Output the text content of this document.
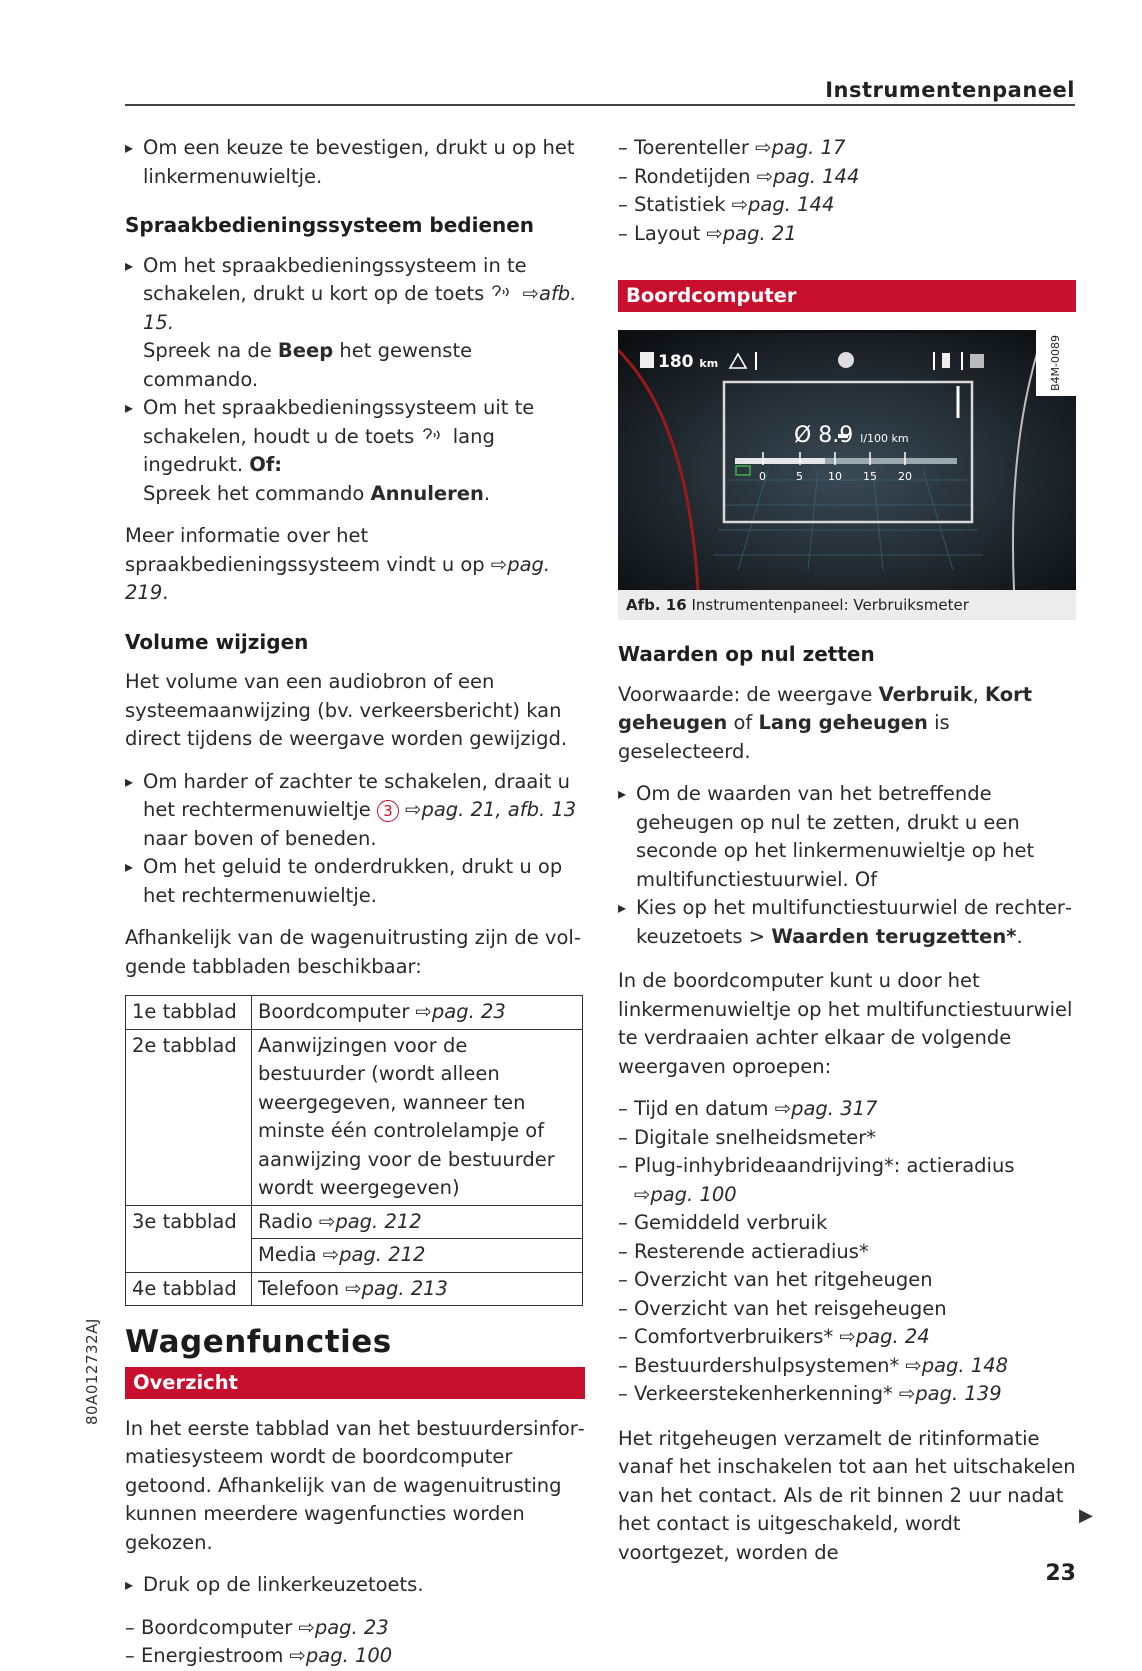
Instrumentenpaneel

▸ Om een keuze te bevestigen, drukt u op het linkermenuwieltje.

Spraakbedieningssysteem bedienen

▸ Om het spraakbedieningssysteem in te schakelen, drukt u kort op de toets  ⇨afb. 15.
Spreek na de Beep het gewenste commando.

▸ Om het spraakbedieningssysteem uit te schakelen, houdt u de toets  lang ingedrukt. Of:
Spreek het commando Annuleren.

Meer informatie over het spraakbedieningssysteem vindt u op ⇨pag. 219.

Volume wijzigen

Het volume van een audiobron of een systeemaanwijzing (bv. verkeersbericht) kan direct tijdens de weergave worden gewijzigd.

▸ Om harder of zachter te schakelen, draait u het rechtermenuwieltje 3 ⇨pag. 21, afb. 13 naar boven of beneden.

▸ Om het geluid te onderdrukken, drukt u op het rechtermenuwieltje.

Afhankelijk van de wagenuitrusting zijn de volgende tabbladen beschikbaar:

1e tabblad	Boordcomputer ⇨pag. 23
2e tabblad	Aanwijzingen voor de bestuurder (wordt alleen weergegeven, wanneer ten minste één controlelampje of aanwijzing voor de bestuurder wordt weergegeven)
3e tabblad	Radio ⇨pag. 212
	Media ⇨pag. 212
4e tabblad	Telefoon ⇨pag. 213
Wagenfuncties
Overzicht

In het eerste tabblad van het bestuurdersinformatiesysteem wordt de boordcomputer getoond. Afhankelijk van de wagenuitrusting kunnen meerdere wagenfuncties worden gekozen.

▸ Druk op de linkerkeuzetoets.

– Boordcomputer ⇨pag. 23

– Energiestroom ⇨pag. 100

– Toerenteller ⇨pag. 17

– Rondetijden ⇨pag. 144

– Statistiek ⇨pag. 144

– Layout ⇨pag. 21

Boordcomputer
180 km
Ø 8.9 l/100 km
0	5 10 15 20
B4M-0089
Afb. 16 Instrumentenpaneel: Verbruiksmeter
Waarden op nul zetten

Voorwaarde: de weergave Verbruik, Kort geheugen of Lang geheugen is geselecteerd.

▸ Om de waarden van het betreffende geheugen op nul te zetten, drukt u een seconde op het linkermenuwieltje op het multifunctiestuurwiel. Of

▸ Kies op het multifunctiestuurwiel de rechterkeuzetoets > Waarden terugzetten*.

In de boordcomputer kunt u door het linkermenuwieltje op het multifunctiestuurwiel te verdraaien achter elkaar de volgende weergaven oproepen:

– Tijd en datum ⇨pag. 317

– Digitale snelheidsmeter*

– Plug-inhybrideaandrijving*: actieradius ⇨pag. 100

– Gemiddeld verbruik

– Resterende actieradius*

– Overzicht van het ritgeheugen

– Overzicht van het reisgeheugen

– Comfortverbruikers* ⇨pag. 24

– Bestuurdershulpsystemen* ⇨pag. 148

– Verkeerstekenherkenning* ⇨pag. 139

Het ritgeheugen verzamelt de ritinformatie vanaf het inschakelen tot aan het uitschakelen van het contact. Als de rit binnen 2 uur nadat het contact is uitgeschakeld, wordt voortgezet, worden de

▶
80A012732AJ
23
